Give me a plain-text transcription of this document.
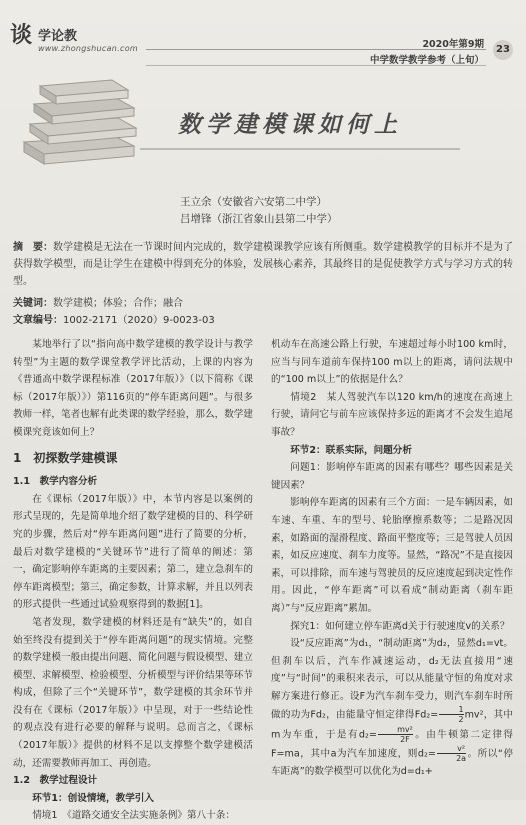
谈 学论教
www.zhongshucan.com	2020年第9期
中学数学教学参考（上旬）
23
数学建模课如何上
王立余（安徽省六安第二中学）
吕增锋（浙江省象山县第二中学）

摘　要：数学建模是无法在一节课时间内完成的，数学建模课教学应该有所侧重。数学建模教学的目标并不是为了获得数学模型，而是让学生在建模中得到充分的体验，发展核心素养，其最终目的是促使教学方式与学习方式的转型。

关键词：数学建模；体验；合作；融合
文章编号：1002-2171（2020）9-0023-03

某地举行了以“指向高中数学建模的教学设计与教学转型”为主题的数学课堂教学评比活动，上课的内容为《普通高中数学课程标准（2017年版）》（以下简称《课标（2017年版）》）第116页的“停车距离问题”。与很多教师一样，笔者也解有此类课的数学经验，那么，数学建模课究竟该如何上？

1　初探数学建模课
1.1　教学内容分析

在《课标（2017年版）》中，本节内容是以案例的形式呈现的，先是简单地介绍了数学建模的目的、科学研究的步骤，然后对“停车距离问题”进行了简要的分析，最后对数学建模的“关键环节”进行了简单的阐述：第一，确定影响停车距离的主要因素；第二，建立急刹车的停车距离模型；第三，确定参数，计算求解，并且以列表的形式提供一些通过试验观察得到的数据[1]。

笔者发现，数学建模的材料还是有“缺失”的，如自始至终没有提到关于“停车距离问题”的现实情境。完整的数学建模一般由提出问题、简化问题与假设模型、建立模型、求解模型、检验模型、分析模型与评价结果等环节构成，但除了三个“关键环节”，数学建模的其余环节并没有在《课标（2017年版）》中呈现，对于一些结论性的观点没有进行必要的解释与说明。总而言之，《课标（2017年版）》提供的材料不足以支撑整个数学建模活动，还需要教师再加工、再创造。

1.2　教学过程设计

环节1：创设情境，教学引入

情境1　《道路交通安全法实施条例》第八十条：

机动车在高速公路上行驶，车速超过每小时100 km时，应当与同车道前车保持100 m以上的距离，请问法规中的“100 m以上”的依据是什么？

情境2　某人驾驶汽车以120 km/h的速度在高速上行驶，请问它与前车应该保持多远的距离才不会发生追尾事故？

环节2：联系实际，问题分析

问题1：影响停车距离的因素有哪些？哪些因素是关键因素？

影响停车距离的因素有三个方面：一是车辆因素，如车速、车重、车的型号、轮胎摩擦系数等；二是路况因素，如路面的湿滑程度、路面平整度等；三是驾驶人员因素，如反应速度、刹车力度等。显然，“路况”不是直接因素，可以排除，而车速与驾驶员的反应速度起到决定性作用。因此，“停车距离”可以看成“制动距离（刹车距离）”与“反应距离”累加。

探究1：如何建立停车距离d关于行驶速度v的关系？

设“反应距离”为d₁，“制动距离”为d₂，显然d₁=vt。但刹车以后，汽车作减速运动，d₂无法直接用“速度”与“时间”的乘积来表示，可以从能量守恒的角度对求解方案进行修正。设F为汽车刹车受力，则汽车刹车时所做的功为Fd₂，由能量守恒定律得$Fd_2= \frac{1}{2} mv^2$，其中m为车重，于是有$d_2= \frac{\text{mv²}}{2F}$ 。由牛顿第二定律得F=ma，其中a为汽车加速度，则$d_2= \frac{\text{v²}}{2a}$ 。所以“停车距离”的数学模型可以优化为d=d₁+
